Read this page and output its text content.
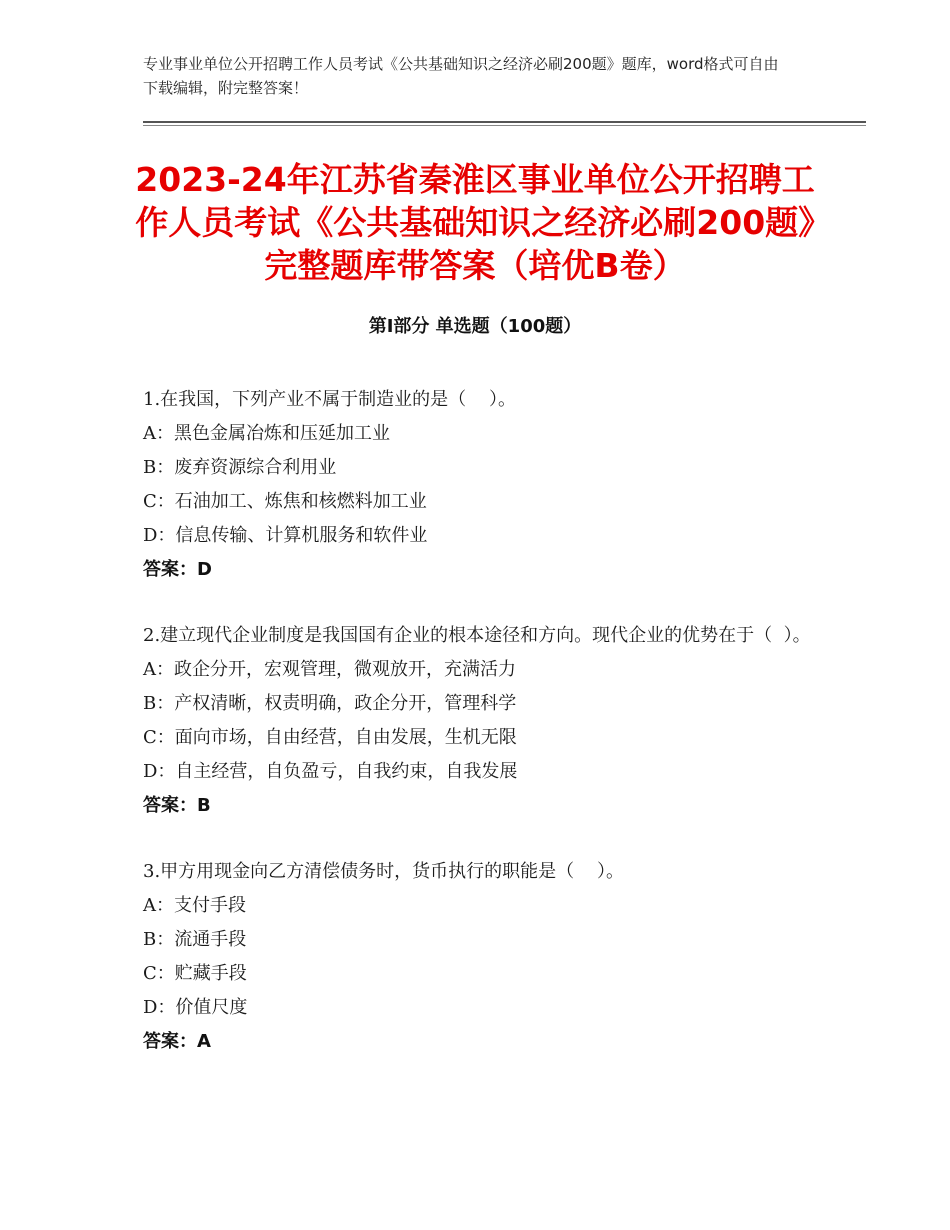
专业事业单位公开招聘工作人员考试《公共基础知识之经济必刷200题》题库，word格式可自由下载编辑，附完整答案！
2023-24年江苏省秦淮区事业单位公开招聘工作人员考试《公共基础知识之经济必刷200题》完整题库带答案（培优B卷）
第Ⅰ部分 单选题（100题）
1.在我国，下列产业不属于制造业的是（    ）。
A：黑色金属冶炼和压延加工业
B：废弃资源综合利用业
C：石油加工、炼焦和核燃料加工业
D：信息传输、计算机服务和软件业
答案：D
2.建立现代企业制度是我国国有企业的根本途径和方向。现代企业的优势在于（  ）。
A：政企分开，宏观管理，微观放开，充满活力
B：产权清晰，权责明确，政企分开，管理科学
C：面向市场，自由经营，自由发展，生机无限
D：自主经营，自负盈亏，自我约束，自我发展
答案：B
3.甲方用现金向乙方清偿债务时，货币执行的职能是（    ）。
A：支付手段
B：流通手段
C：贮藏手段
D：价值尺度
答案：A
